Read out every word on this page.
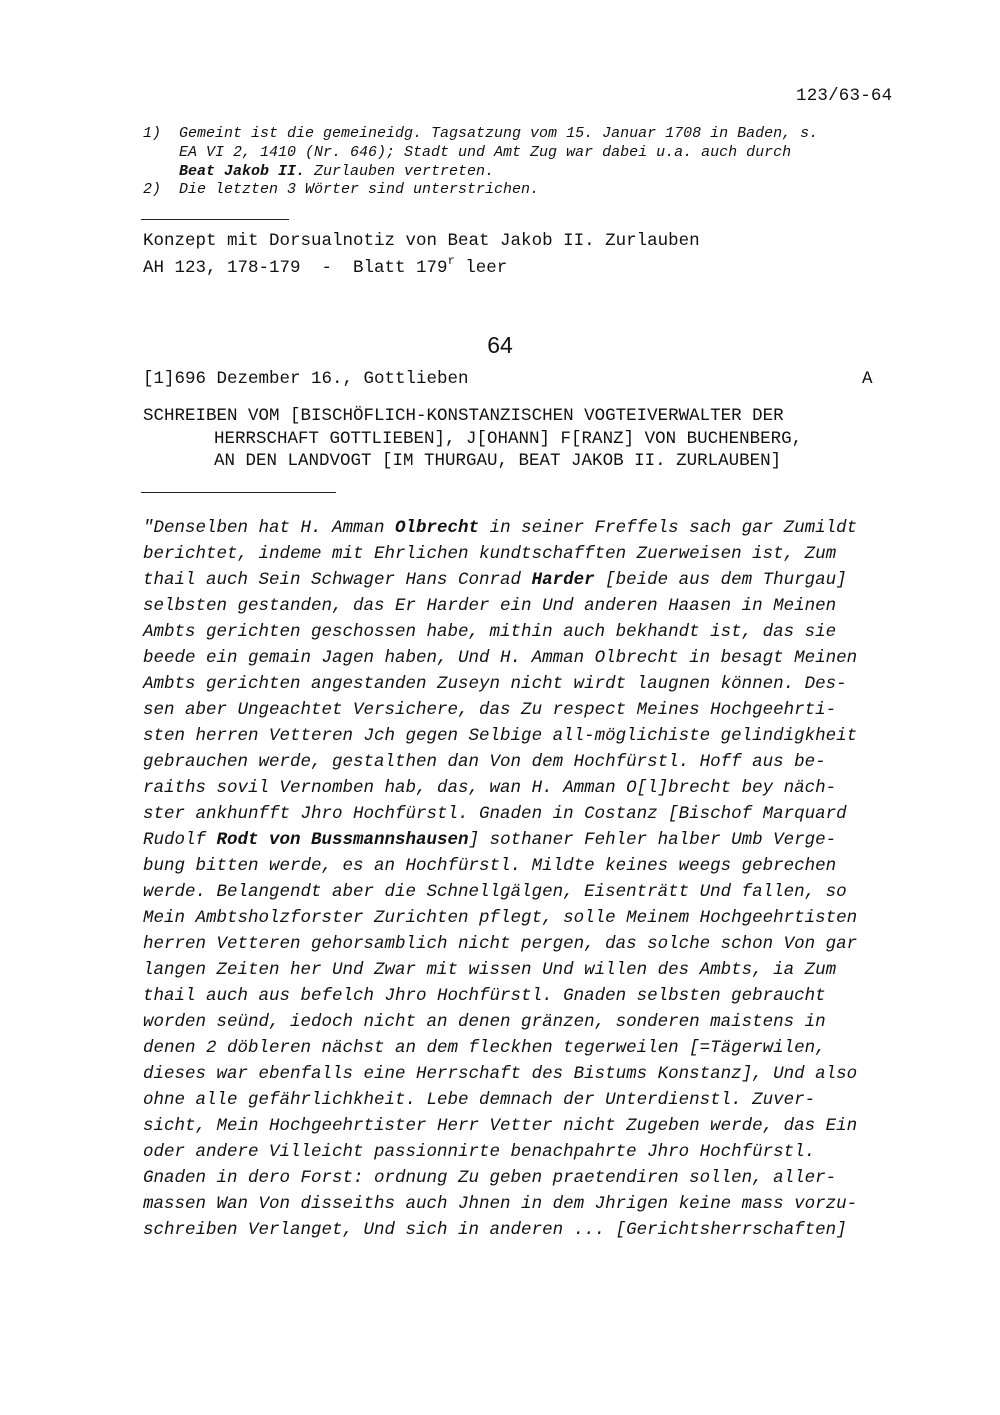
123/63-64
1) Gemeint ist die gemeineidg. Tagsatzung vom 15. Januar 1708 in Baden, s.
EA VI 2, 1410 (Nr. 646); Stadt und Amt Zug war dabei u.a. auch durch
Beat Jakob II. Zurlauben vertreten.
2) Die letzten 3 Wörter sind unterstrichen.
Konzept mit Dorsualnotiz von Beat Jakob II. Zurlauben
AH 123, 178-179  -  Blatt 179$^r$ leer
64
[1]696 Dezember 16., Gottlieben	A
SCHREIBEN VOM [BISCHÖFLICH-KONSTANZISCHEN VOGTEIVERWALTER DER
HERRSCHAFT GOTTLIEBEN], J[OHANN] F[RANZ] VON BUCHENBERG,
AN DEN LANDVOGT [IM THURGAU, BEAT JAKOB II. ZURLAUBEN]
"Denselben hat H. Amman Olbrecht in seiner Freffels sach gar Zumildt
berichtet, indeme mit Ehrlichen kundtschafften Zuerweisen ist, Zum
thail auch Sein Schwager Hans Conrad Harder [beide aus dem Thurgau]
selbsten gestanden, das Er Harder ein Und anderen Haasen in Meinen
Ambts gerichten geschossen habe, mithin auch bekhandt ist, das sie
beede ein gemain Jagen haben, Und H. Amman Olbrecht in besagt Meinen
Ambts gerichten angestanden Zuseyn nicht wirdt laugnen können. Des-
sen aber Ungeachtet Versichere, das Zu respect Meines Hochgeehrti-
sten herren Vetteren Jch gegen Selbige all-möglichiste gelindigkheit
gebrauchen werde, gestalthen dan Von dem Hochfürstl. Hoff aus be-
raiths sovil Vernomben hab, das, wan H. Amman O[l]brecht bey näch-
ster ankhunfft Jhro Hochfürstl. Gnaden in Costanz [Bischof Marquard
Rudolf Rodt von Bussmannshausen] sothaner Fehler halber Umb Verge-
bung bitten werde, es an Hochfürstl. Mildte keines weegs gebrechen
werde. Belangendt aber die Schnellgälgen, Eisenträtt Und fallen, so
Mein Ambtsholzforster Zurichten pflegt, solle Meinem Hochgeehrtisten
herren Vetteren gehorsamblich nicht pergen, das solche schon Von gar
langen Zeiten her Und Zwar mit wissen Und willen des Ambts, ia Zum
thail auch aus befelch Jhro Hochfürstl. Gnaden selbsten gebraucht
worden seünd, iedoch nicht an denen gränzen, sonderen maistens in
denen 2 döbleren nächst an dem fleckhen tegerweilen [=Tägerwilen,
dieses war ebenfalls eine Herrschaft des Bistums Konstanz], Und also
ohne alle gefährlichkheit. Lebe demnach der Unterdienstl. Zuver-
sicht, Mein Hochgeehrtister Herr Vetter nicht Zugeben werde, das Ein
oder andere Villeicht passionnirte benachpahrte Jhro Hochfürstl.
Gnaden in dero Forst: ordnung Zu geben praetendiren sollen, aller-
massen Wan Von disseiths auch Jhnen in dem Jhrigen keine mass vorzu-
schreiben Verlanget, Und sich in anderen ... [Gerichtsherrschaften]
